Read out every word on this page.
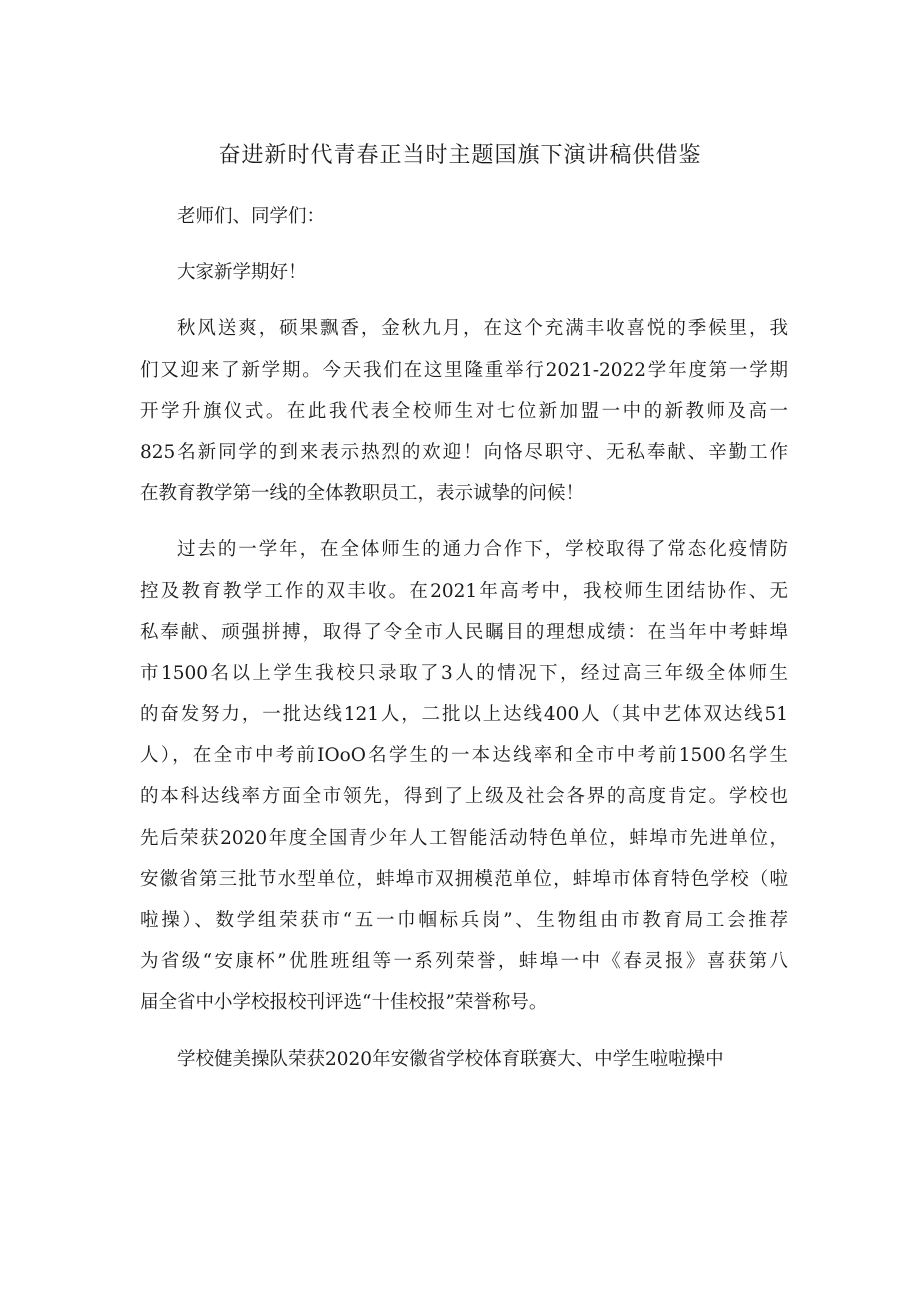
奋进新时代青春正当时主题国旗下演讲稿供借鉴

老师们、同学们：

大家新学期好！

秋风送爽，硕果飘香，金秋九月，在这个充满丰收喜悦的季候里，我
们又迎来了新学期。今天我们在这里隆重举行2021-2022学年度第一学期
开学升旗仪式。在此我代表全校师生对七位新加盟一中的新教师及高一
825名新同学的到来表示热烈的欢迎！向恪尽职守、无私奉献、辛勤工作
在教育教学第一线的全体教职员工，表示诚挚的问候！

过去的一学年，在全体师生的通力合作下，学校取得了常态化疫情防
控及教育教学工作的双丰收。在2021年高考中，我校师生团结协作、无
私奉献、顽强拼搏，取得了令全市人民瞩目的理想成绩：在当年中考蚌埠
市1500名以上学生我校只录取了3人的情况下，经过高三年级全体师生
的奋发努力，一批达线121人，二批以上达线400人（其中艺体双达线51
人），在全市中考前IOoO名学生的一本达线率和全市中考前1500名学生
的本科达线率方面全市领先，得到了上级及社会各界的高度肯定。学校也
先后荣获2020年度全国青少年人工智能活动特色单位，蚌埠市先进单位，
安徽省第三批节水型单位，蚌埠市双拥模范单位，蚌埠市体育特色学校（啦
啦操）、数学组荣获市“五一巾帼标兵岗”、生物组由市教育局工会推荐
为省级“安康杯”优胜班组等一系列荣誉，蚌埠一中《春灵报》喜获第八
届全省中小学校报校刊评选“十佳校报”荣誉称号。

学校健美操队荣获2020年安徽省学校体育联赛大、中学生啦啦操中
